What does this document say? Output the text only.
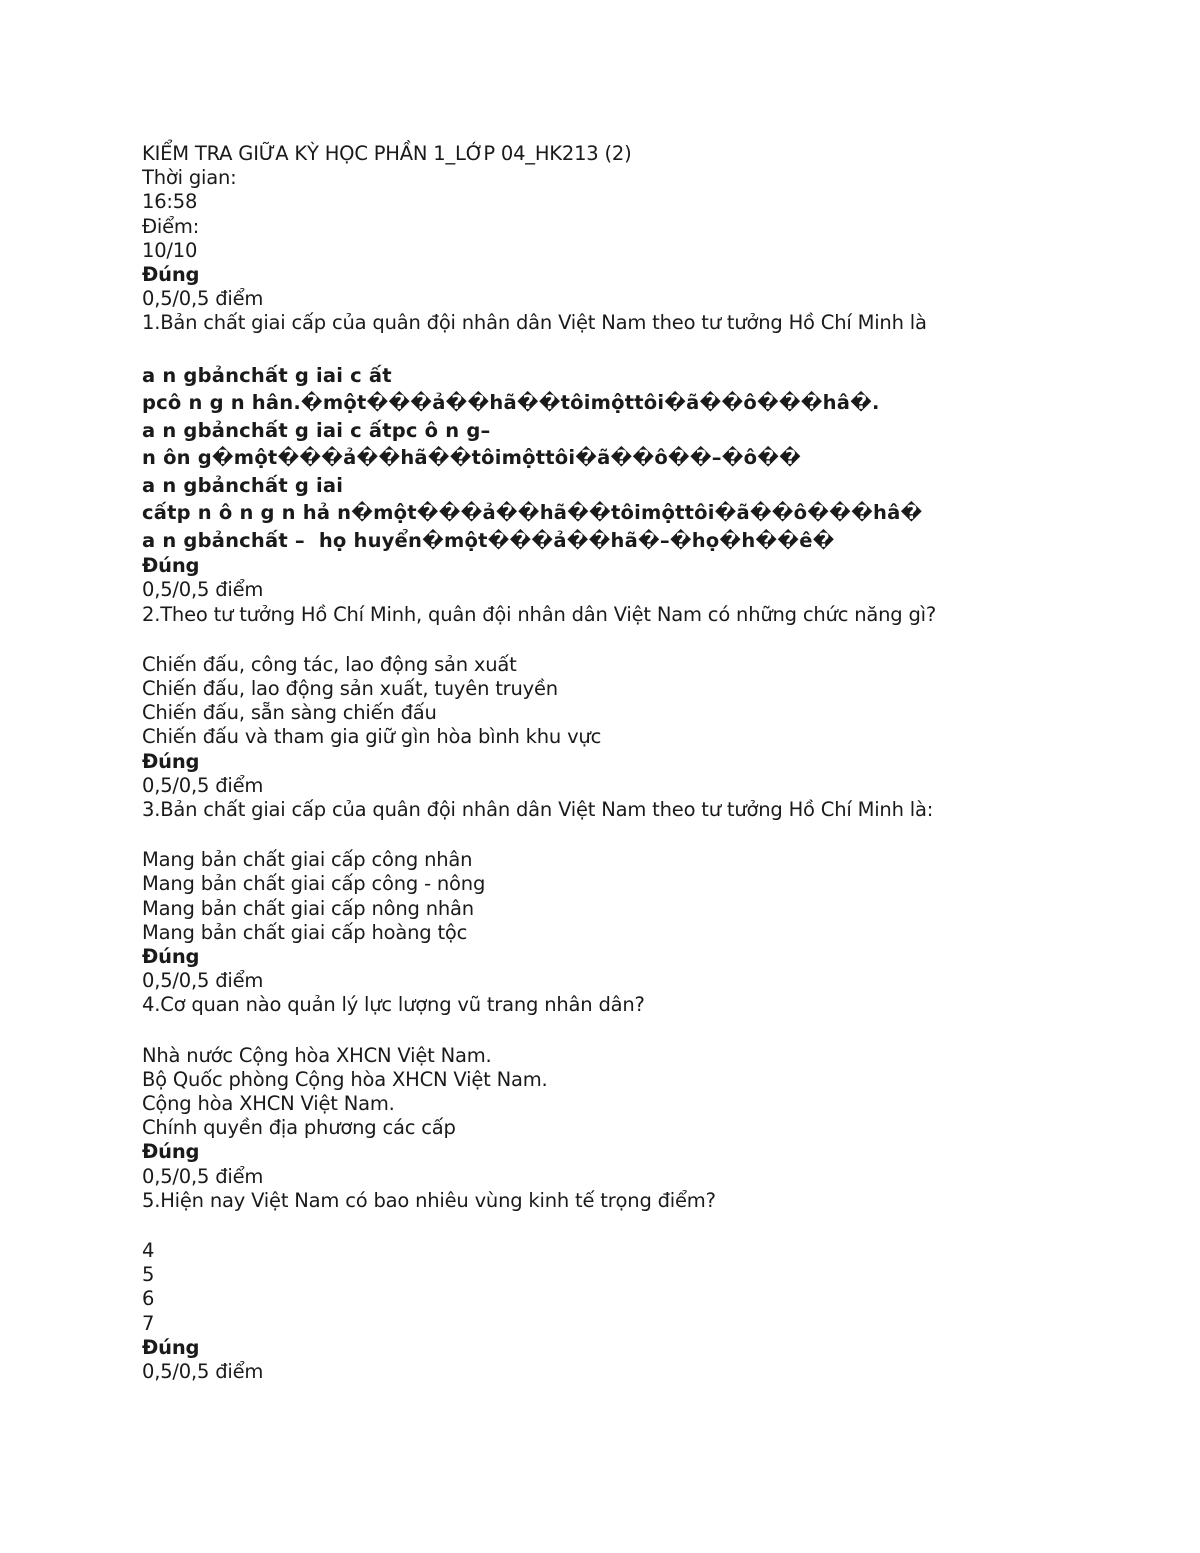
KIỂM TRA GIỮA KỲ HỌC PHẦN 1_LỚP 04_HK213 (2)
Thời gian:
16:58
Điểm:
10/10
Đúng
0,5/0,5 điểm
1.Bản chất giai cấp của quân đội nhân dân Việt Nam theo tư tưởng Hồ Chí Minh là
a n gbảnchất g iai c ất
pcô n g n hân.�một���ả��hã��tôimộttôi�ã��ô���hâ�.
a n gbảnchất g iai c ấtpc ô n g–
n ôn g�một���ả��hã��tôimộttôi�ã��ô��–�ô��
a n gbảnchất g iai
cấtp n ô n g n hả n�một���ả��hã��tôimộttôi�ã��ô���hâ�
a n gbảnchất –  họ huyển�một���ả��hã�–�họ�h��ê�
Đúng
0,5/0,5 điểm
2.Theo tư tưởng Hồ Chí Minh, quân đội nhân dân Việt Nam có những chức năng gì?
Chiến đấu, công tác, lao động sản xuất
Chiến đấu, lao động sản xuất, tuyên truyền
Chiến đấu, sẵn sàng chiến đấu
Chiến đấu và tham gia giữ gìn hòa bình khu vực
Đúng
0,5/0,5 điểm
3.Bản chất giai cấp của quân đội nhân dân Việt Nam theo tư tưởng Hồ Chí Minh là:
Mang bản chất giai cấp công nhân
Mang bản chất giai cấp công - nông
Mang bản chất giai cấp nông nhân
Mang bản chất giai cấp hoàng tộc
Đúng
0,5/0,5 điểm
4.Cơ quan nào quản lý lực lượng vũ trang nhân dân?
Nhà nước Cộng hòa XHCN Việt Nam.
Bộ Quốc phòng Cộng hòa XHCN Việt Nam.
Cộng hòa XHCN Việt Nam.
Chính quyền địa phương các cấp
Đúng
0,5/0,5 điểm
5.Hiện nay Việt Nam có bao nhiêu vùng kinh tế trọng điểm?
4
5
6
7
Đúng
0,5/0,5 điểm
